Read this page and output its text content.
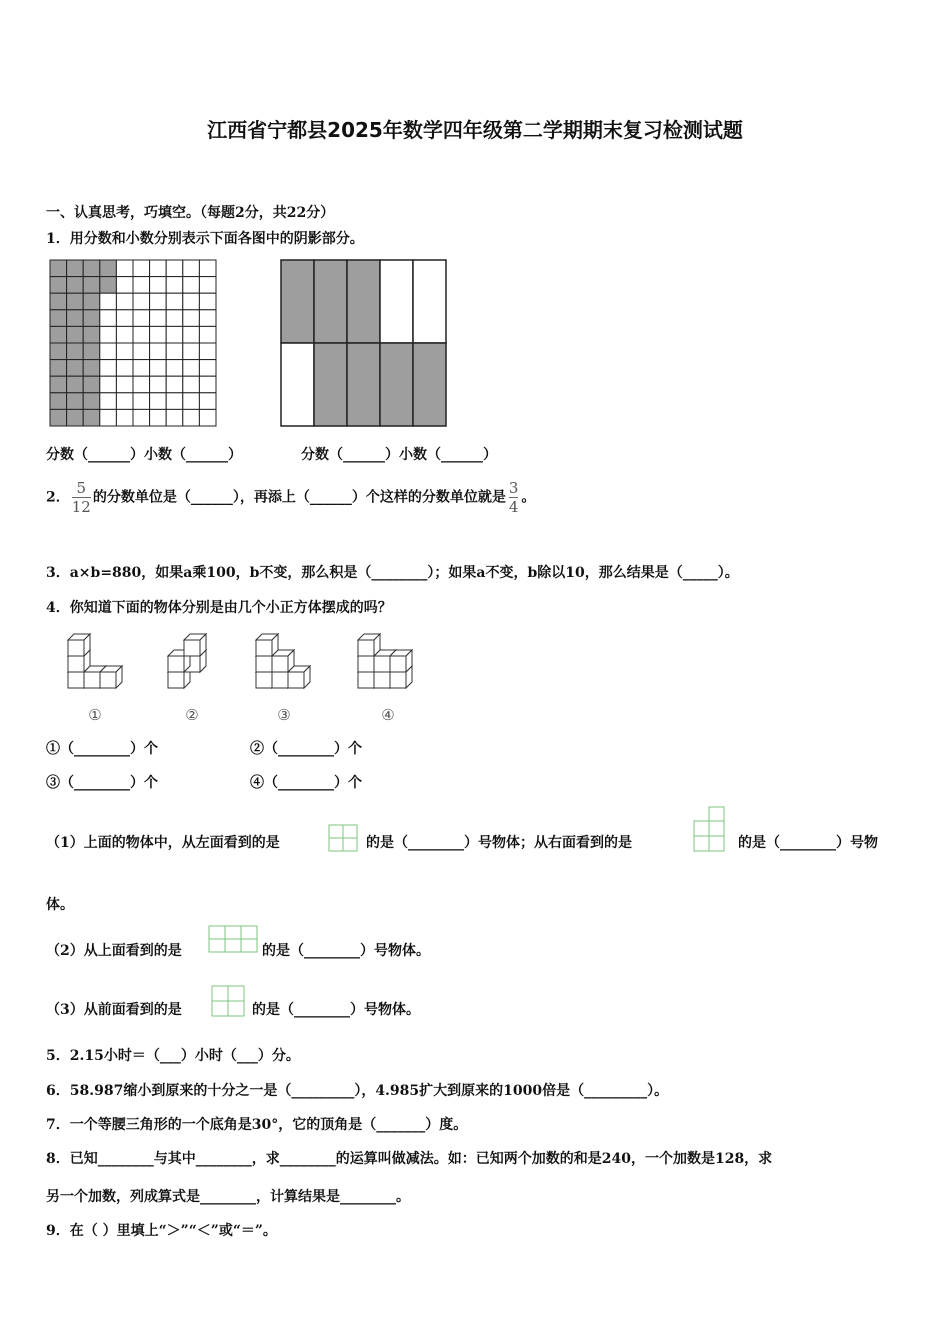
江西省宁都县2025年数学四年级第二学期期末复习检测试题
一、认真思考，巧填空。（每题2分，共22分）
1．用分数和小数分别表示下面各图中的阴影部分。
分数（______）小数（______）	分数（______）小数（______）
2． $\frac{5}{12}$ 的分数单位是（______），再添上（______）个这样的分数单位就是 $\frac{3}{4}$ 。
3．a×b=880，如果a乘100，b不变，那么积是（________）；如果a不变，b除以10，那么结果是（_____）。
4．你知道下面的物体分别是由几个小正方体摆成的吗？
①	②	③	④
①（________）个	②（________）个
③（________）个	④（________）个
（1）上面的物体中，从左面看到的是	的是（________）号物体；从右面看到的是	的是（________）号物
体。
（2）从上面看到的是	的是（________）号物体。
（3）从前面看到的是	的是（________）号物体。
5．2.15小时＝（___）小时（___）分。
6．58.987缩小到原来的十分之一是（_________），4.985扩大到原来的1000倍是（_________）。
7．一个等腰三角形的一个底角是30°，它的顶角是（_______）度。
8．已知________与其中________，求________的运算叫做减法。如：已知两个加数的和是240，一个加数是128，求
另一个加数，列成算式是________，计算结果是________。
9．在（ ）里填上“＞”“＜”或“＝”。
